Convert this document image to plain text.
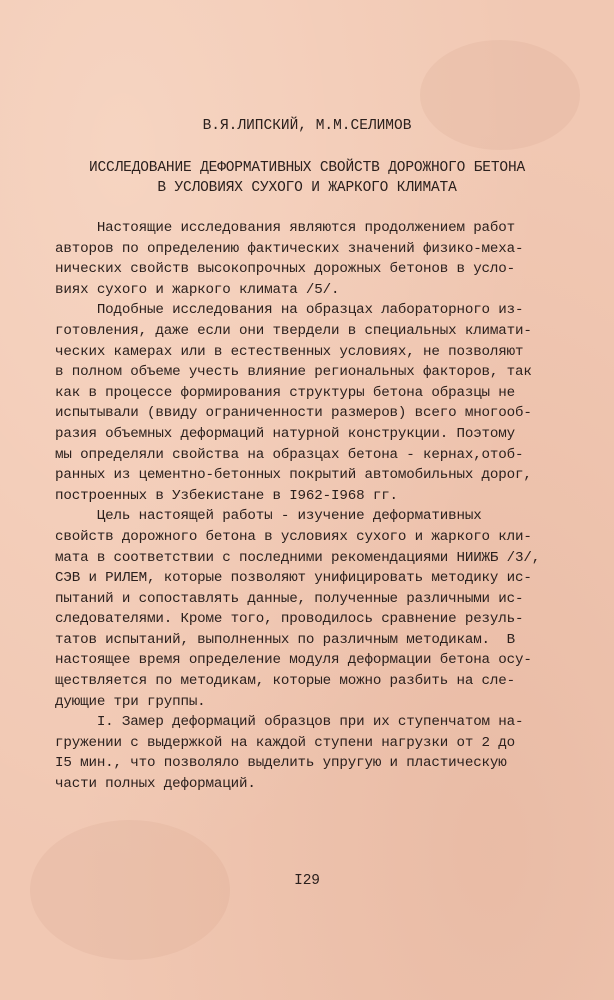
В.Я.ЛИПСКИЙ, М.М.СЕЛИМОВ
ИССЛЕДОВАНИЕ ДЕФОРМАТИВНЫХ СВОЙСТВ ДОРОЖНОГО БЕТОНА
В УСЛОВИЯХ СУХОГО И ЖАРКОГО КЛИМАТА
Настоящие исследования являются продолжением работ
авторов по определению фактических значений физико-меха-
нических свойств высокопрочных дорожных бетонов в усло-
виях сухого и жаркого климата /5/.
Подобные исследования на образцах лабораторного из-
готовления, даже если они твердели в специальных климати-
ческих камерах или в естественных условиях, не позволяют
в полном объеме учесть влияние региональных факторов, так
как в процессе формирования структуры бетона образцы не
испытывали (ввиду ограниченности размеров) всего многооб-
разия объемных деформаций натурной конструкции. Поэтому
мы определяли свойства на образцах бетона - кернах,отоб-
ранных из цементно-бетонных покрытий автомобильных дорог,
построенных в Узбекистане в I962-I968 гг.
Цель настоящей работы - изучение деформативных
свойств дорожного бетона в условиях сухого и жаркого кли-
мата в соответствии с последними рекомендациями НИИЖБ /3/,
СЭВ и РИЛЕМ, которые позволяют унифицировать методику ис-
пытаний и сопоставлять данные, полученные различными ис-
следователями. Кроме того, проводилось сравнение резуль-
татов испытаний, выполненных по различным методикам.  В
настоящее время определение модуля деформации бетона осу-
ществляется по методикам, которые можно разбить на сле-
дующие три группы.
I. Замер деформаций образцов при их ступенчатом на-
гружении с выдержкой на каждой ступени нагрузки от 2 до
I5 мин., что позволяло выделить упругую и пластическую
части полных деформаций.
I29
